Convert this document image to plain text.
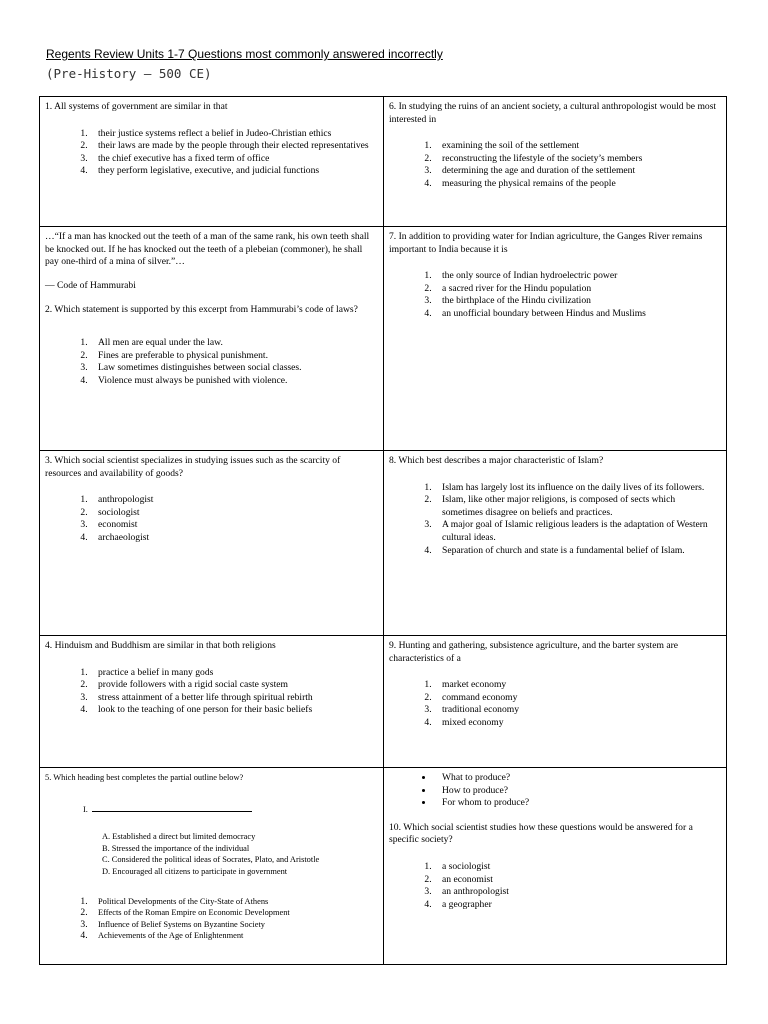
Regents Review Units 1-7 Questions most commonly answered incorrectly
(Pre-History – 500 CE)

1. All systems of government are similar in that

1. their justice systems reflect a belief in Judeo-Christian ethics
2. their laws are made by the people through their elected representatives
3. the chief executive has a fixed term of office
4. they perform legislative, executive, and judicial functions

6. In studying the ruins of an ancient society, a cultural anthropologist would be most interested in

1. examining the soil of the settlement
2. reconstructing the lifestyle of the society’s members
3. determining the age and duration of the settlement
4. measuring the physical remains of the people

…“If a man has knocked out the teeth of a man of the same rank, his own teeth shall be knocked out. If he has knocked out the teeth of a plebeian (commoner), he shall pay one-third of a mina of silver.”…

— Code of Hammurabi

2. Which statement is supported by this excerpt from Hammurabi’s code of laws?

1. All men are equal under the law.
2. Fines are preferable to physical punishment.
3. Law sometimes distinguishes between social classes.
4. Violence must always be punished with violence.

7. In addition to providing water for Indian agriculture, the Ganges River remains important to India because it is

1. the only source of Indian hydroelectric power
2. a sacred river for the Hindu population
3. the birthplace of the Hindu civilization
4. an unofficial boundary between Hindus and Muslims

3. Which social scientist specializes in studying issues such as the scarcity of resources and availability of goods?

1. anthropologist
2. sociologist
3. economist
4. archaeologist

8. Which best describes a major characteristic of Islam?

1. Islam has largely lost its influence on the daily lives of its followers.
2. Islam, like other major religions, is composed of sects which sometimes disagree on beliefs and practices.
3. A major goal of Islamic religious leaders is the adaptation of Western cultural ideas.
4. Separation of church and state is a fundamental belief of Islam.

4. Hinduism and Buddhism are similar in that both religions

1. practice a belief in many gods
2. provide followers with a rigid social caste system
3. stress attainment of a better life through spiritual rebirth
4. look to the teaching of one person for their basic beliefs

9. Hunting and gathering, subsistence agriculture, and the barter system are characteristics of a

1. market economy
2. command economy
3. traditional economy
4. mixed economy

5. Which heading best completes the partial outline below?

I.
A. Established a direct but limited democracy
B. Stressed the importance of the individual
C. Considered the political ideas of Socrates, Plato, and Aristotle
D. Encouraged all citizens to participate in government
1. Political Developments of the City-State of Athens
2. Effects of the Roman Empire on Economic Development
3. Influence of Belief Systems on Byzantine Society
4. Achievements of the Age of Enlightenment
• What to produce?
• How to produce?
• For whom to produce?

10. Which social scientist studies how these questions would be answered for a specific society?

1. a sociologist
2. an economist
3. an anthropologist
4. a geographer
